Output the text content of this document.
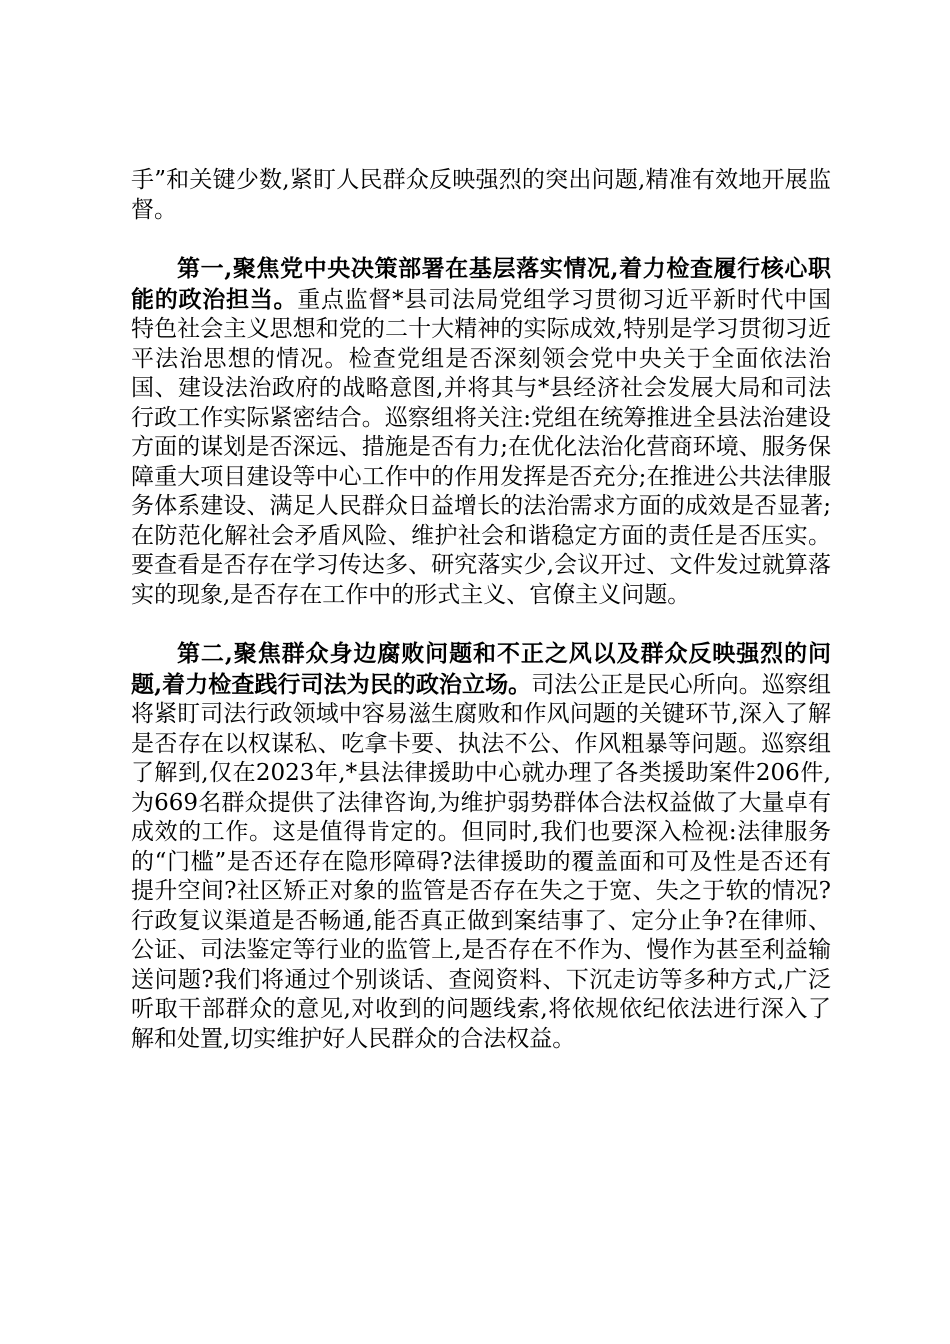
手”和关键少数,紧盯人民群众反映强烈的突出问题,精准有效地开展监督。

第一,聚焦党中央决策部署在基层落实情况,着力检查履行核心职能的政治担当。重点监督*县司法局党组学习贯彻习近平新时代中国特色社会主义思想和党的二十大精神的实际成效,特别是学习贯彻习近平法治思想的情况。检查党组是否深刻领会党中央关于全面依法治国、建设法治政府的战略意图,并将其与*县经济社会发展大局和司法行政工作实际紧密结合。巡察组将关注:党组在统筹推进全县法治建设方面的谋划是否深远、措施是否有力;在优化法治化营商环境、服务保障重大项目建设等中心工作中的作用发挥是否充分;在推进公共法律服务体系建设、满足人民群众日益增长的法治需求方面的成效是否显著;在防范化解社会矛盾风险、维护社会和谐稳定方面的责任是否压实。要查看是否存在学习传达多、研究落实少,会议开过、文件发过就算落实的现象,是否存在工作中的形式主义、官僚主义问题。

第二,聚焦群众身边腐败问题和不正之风以及群众反映强烈的问题,着力检查践行司法为民的政治立场。司法公正是民心所向。巡察组将紧盯司法行政领域中容易滋生腐败和作风问题的关键环节,深入了解是否存在以权谋私、吃拿卡要、执法不公、作风粗暴等问题。巡察组了解到,仅在2023年,*县法律援助中心就办理了各类援助案件206件,为669名群众提供了法律咨询,为维护弱势群体合法权益做了大量卓有成效的工作。这是值得肯定的。但同时,我们也要深入检视:法律服务的“门槛”是否还存在隐形障碍?法律援助的覆盖面和可及性是否还有提升空间?社区矫正对象的监管是否存在失之于宽、失之于软的情况?行政复议渠道是否畅通,能否真正做到案结事了、定分止争?在律师、公证、司法鉴定等行业的监管上,是否存在不作为、慢作为甚至利益输送问题?我们将通过个别谈话、查阅资料、下沉走访等多种方式,广泛听取干部群众的意见,对收到的问题线索,将依规依纪依法进行深入了解和处置,切实维护好人民群众的合法权益。
